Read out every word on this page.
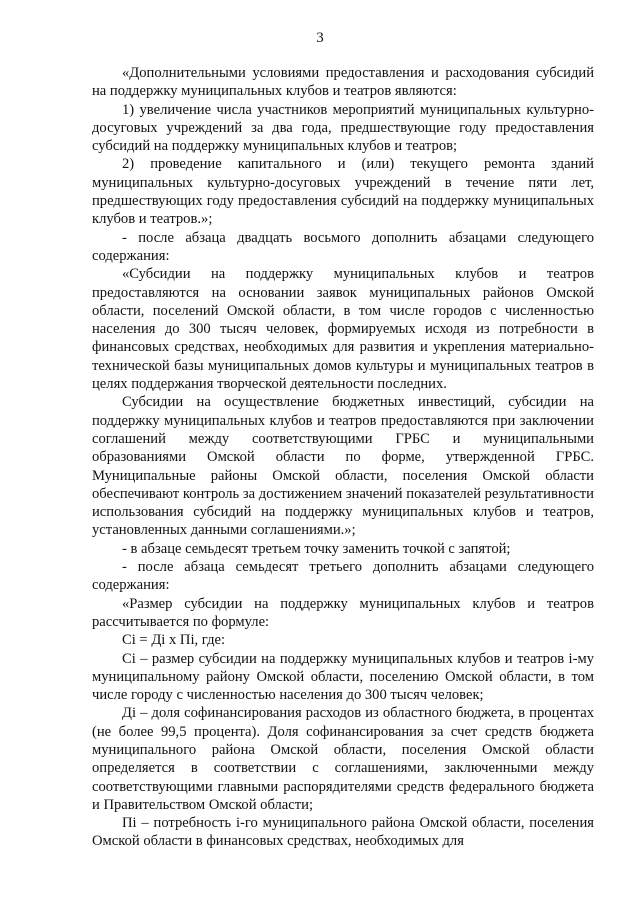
3

«Дополнительными условиями предоставления и расходования субсидий на поддержку муниципальных клубов и театров являются:

1) увеличение числа участников мероприятий муниципальных культурно-досуговых учреждений за два года, предшествующие году предоставления субсидий на поддержку муниципальных клубов и театров;

2) проведение капитального и (или) текущего ремонта зданий муниципальных культурно-досуговых учреждений в течение пяти лет, предшествующих году предоставления субсидий на поддержку муниципальных клубов и театров.»;

- после абзаца двадцать восьмого дополнить абзацами следующего содержания:

«Субсидии на поддержку муниципальных клубов и театров предоставляются на основании заявок муниципальных районов Омской области, поселений Омской области, в том числе городов с численностью населения до 300 тысяч человек, формируемых исходя из потребности в финансовых средствах, необходимых для развития и укрепления материально-технической базы муниципальных домов культуры и муниципальных театров в целях поддержания творческой деятельности последних.

Субсидии на осуществление бюджетных инвестиций, субсидии на поддержку муниципальных клубов и театров предоставляются при заключении соглашений между соответствующими ГРБС и муниципальными образованиями Омской области по форме, утвержденной ГРБС. Муниципальные районы Омской области, поселения Омской области обеспечивают контроль за достижением значений показателей результативности использования субсидий на поддержку муниципальных клубов и театров, установленных данными соглашениями.»;

- в абзаце семьдесят третьем точку заменить точкой с запятой;

- после абзаца семьдесят третьего дополнить абзацами следующего содержания:

«Размер субсидии на поддержку муниципальных клубов и театров рассчитывается по формуле:

Сi = Дi х Пi, где:

Сi – размер субсидии на поддержку муниципальных клубов и театров i-му муниципальному району Омской области, поселению Омской области, в том числе городу с численностью населения до 300 тысяч человек;

Дi – доля софинансирования расходов из областного бюджета, в процентах (не более 99,5 процента). Доля софинансирования за счет средств бюджета муниципального района Омской области, поселения Омской области определяется в соответствии с соглашениями, заключенными между соответствующими главными распорядителями средств федерального бюджета и Правительством Омской области;

Пi – потребность i-го муниципального района Омской области, поселения Омской области в финансовых средствах, необходимых для
